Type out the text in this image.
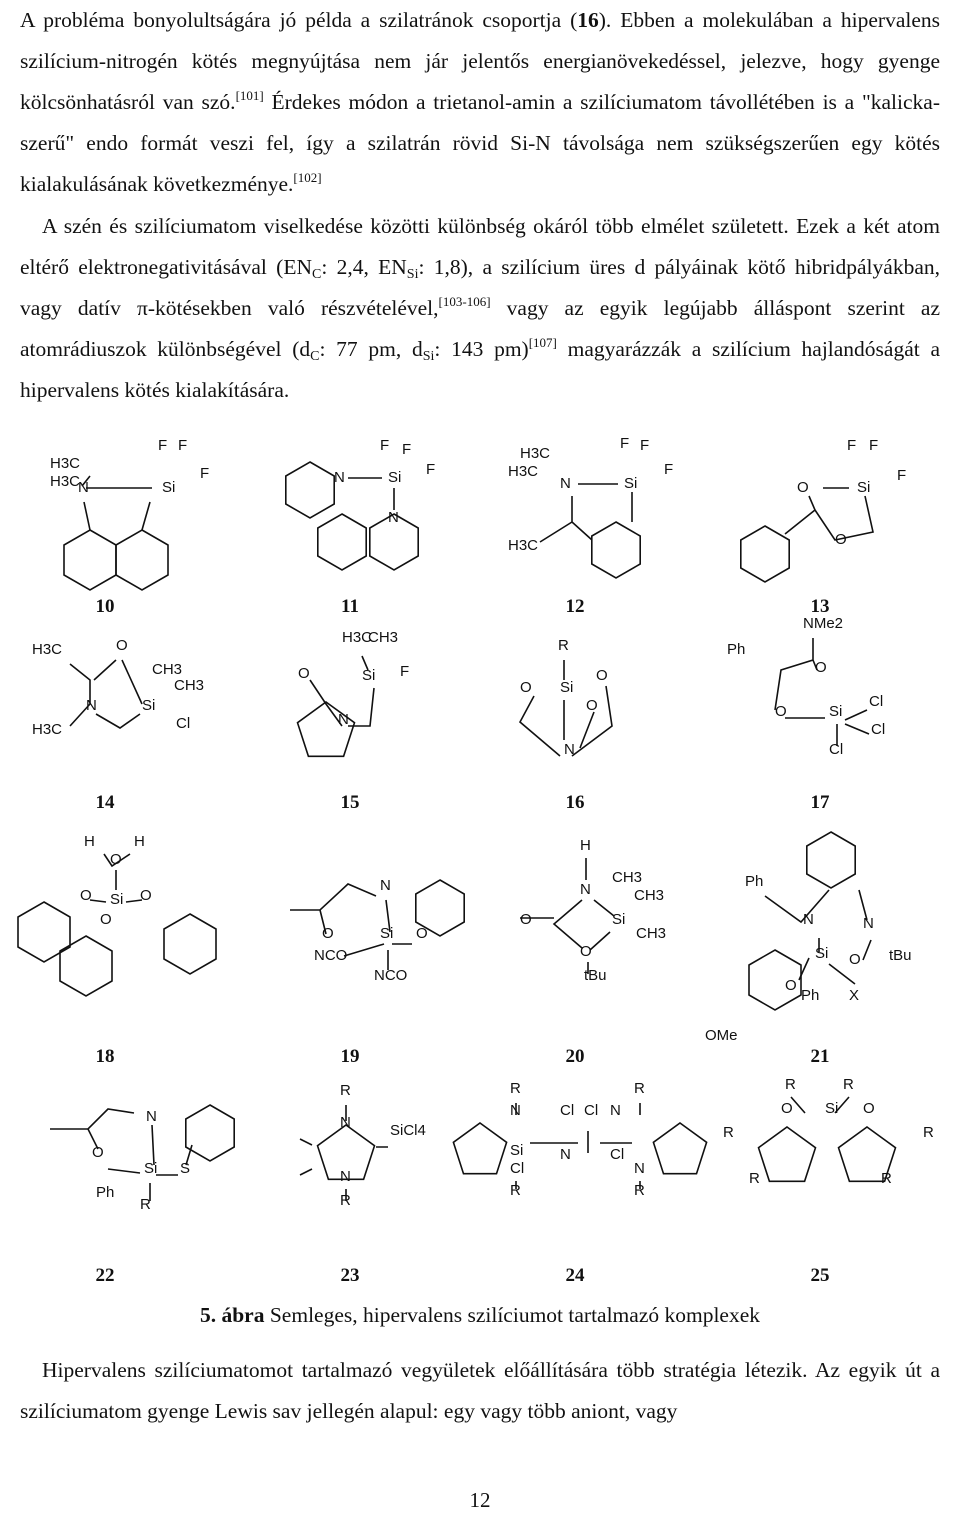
A probléma bonyolultságára jó példa a szilatránok csoportja (16). Ebben a molekulában a hipervalens szilícium-nitrogén kötés megnyújtása nem jár jelentős energianövekedéssel, jelezve, hogy gyenge kölcsönhatásról van szó.[101] Érdekes módon a trietanol-amin a szilíciumatom távollétében is a "kalicka-szerű" endo formát veszi fel, így a szilatrán rövid Si-N távolsága nem szükségszerűen egy kötés kialakulásának következménye.[102]

A szén és szilíciumatom viselkedése közötti különbség okáról több elmélet született. Ezek a két atom eltérő elektronegativitásával ($EN_C$: 2,4, $EN_{Si}$: 1,8), a szilícium üres d pályáinak kötő hibridpályákban, vagy datív π-kötésekben való részvételével,[103-106] vagy az egyik legújabb álláspont szerint az atomrádiuszok különbségével ($d_C$: 77 pm, $d_{Si}$: 143 pm)[107] magyarázzák a szilícium hajlandóságát a hipervalens kötés kialakítására.

H3C
H3C
N
F F
Si
F
10
F F
N	Si F
N
11
H3C
H3C
N
F F
Si
F
H3C
12
F F
O	Si
F
O
13
H3C	O
CH3
CH3
N	Si
H3C	Cl
14
H3C
CH3
O	Si F
N
15
R
O Si
O
O
N
16
NMe2
Ph
O
O	Si
Cl
Cl
Cl
17
H	H
O
O Si O
O
18
N
O	Si O
NCO
NCO
19
H
N
CH3
CH3
O	Si
CH3
O
tBu
20
Ph
N	N
Si O tBu
O
Ph X
OMe
21
N
O
Si S
Ph
R
22
R
N	SiCl4
N
R
23
R	R
N	Cl Cl N
Si N	Cl
Cl	N
R	R
24
R	R
O Si O
R	R
R	R
25
5. ábra Semleges, hipervalens szilíciumot tartalmazó komplexek

Hipervalens szilíciumatomot tartalmazó vegyületek előállítására több stratégia létezik. Az egyik út a szilíciumatom gyenge Lewis sav jellegén alapul: egy vagy több aniont, vagy

12
